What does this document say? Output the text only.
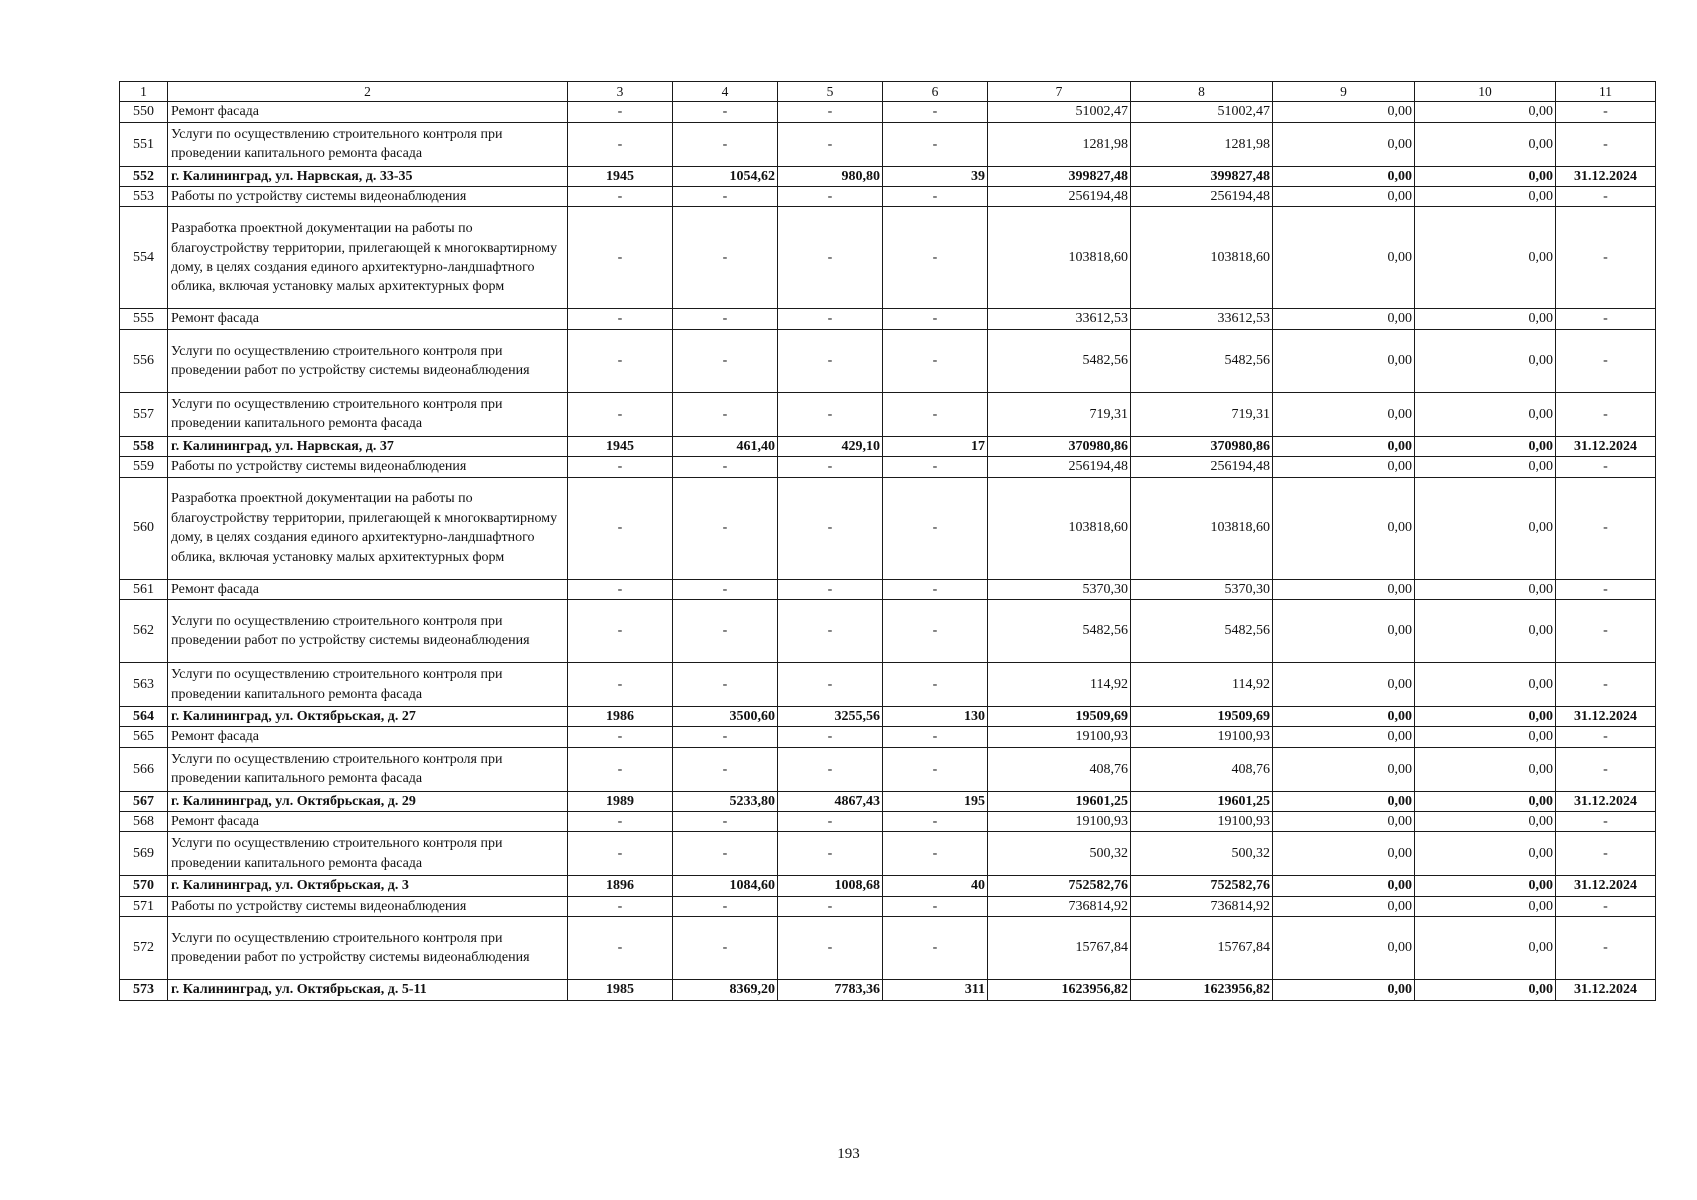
1	2	3	4	5	6	7	8	9	10	11
550	Ремонт фасада	-	-	-	-	51002,47	51002,47	0,00	0,00	-
551	Услуги по осуществлению строительного контроля при проведении капитального ремонта фасада	-	-	-	-	1281,98	1281,98	0,00	0,00	-
552	г. Калининград, ул. Нарвская, д. 33-35	1945	1054,62	980,80	39	399827,48	399827,48	0,00	0,00	31.12.2024
553	Работы по устройству системы видеонаблюдения	-	-	-	-	256194,48	256194,48	0,00	0,00	-
554	Разработка проектной документации на работы по благоустройству территории, прилегающей к многоквартирному дому, в целях создания единого архитектурно-ландшафтного облика, включая установку малых архитектурных форм	-	-	-	-	103818,60	103818,60	0,00	0,00	-
555	Ремонт фасада	-	-	-	-	33612,53	33612,53	0,00	0,00	-
556	Услуги по осуществлению строительного контроля при проведении работ по устройству системы видеонаблюдения	-	-	-	-	5482,56	5482,56	0,00	0,00	-
557	Услуги по осуществлению строительного контроля при проведении капитального ремонта фасада	-	-	-	-	719,31	719,31	0,00	0,00	-
558	г. Калининград, ул. Нарвская, д. 37	1945	461,40	429,10	17	370980,86	370980,86	0,00	0,00	31.12.2024
559	Работы по устройству системы видеонаблюдения	-	-	-	-	256194,48	256194,48	0,00	0,00	-
560	Разработка проектной документации на работы по благоустройству территории, прилегающей к многоквартирному дому, в целях создания единого архитектурно-ландшафтного облика, включая установку малых архитектурных форм	-	-	-	-	103818,60	103818,60	0,00	0,00	-
561	Ремонт фасада	-	-	-	-	5370,30	5370,30	0,00	0,00	-
562	Услуги по осуществлению строительного контроля при проведении работ по устройству системы видеонаблюдения	-	-	-	-	5482,56	5482,56	0,00	0,00	-
563	Услуги по осуществлению строительного контроля при проведении капитального ремонта фасада	-	-	-	-	114,92	114,92	0,00	0,00	-
564	г. Калининград, ул. Октябрьская, д. 27	1986	3500,60	3255,56	130	19509,69	19509,69	0,00	0,00	31.12.2024
565	Ремонт фасада	-	-	-	-	19100,93	19100,93	0,00	0,00	-
566	Услуги по осуществлению строительного контроля при проведении капитального ремонта фасада	-	-	-	-	408,76	408,76	0,00	0,00	-
567	г. Калининград, ул. Октябрьская, д. 29	1989	5233,80	4867,43	195	19601,25	19601,25	0,00	0,00	31.12.2024
568	Ремонт фасада	-	-	-	-	19100,93	19100,93	0,00	0,00	-
569	Услуги по осуществлению строительного контроля при проведении капитального ремонта фасада	-	-	-	-	500,32	500,32	0,00	0,00	-
570	г. Калининград, ул. Октябрьская, д. 3	1896	1084,60	1008,68	40	752582,76	752582,76	0,00	0,00	31.12.2024
571	Работы по устройству системы видеонаблюдения	-	-	-	-	736814,92	736814,92	0,00	0,00	-
572	Услуги по осуществлению строительного контроля при проведении работ по устройству системы видеонаблюдения	-	-	-	-	15767,84	15767,84	0,00	0,00	-
573	г. Калининград, ул. Октябрьская, д. 5-11	1985	8369,20	7783,36	311	1623956,82	1623956,82	0,00	0,00	31.12.2024
193
